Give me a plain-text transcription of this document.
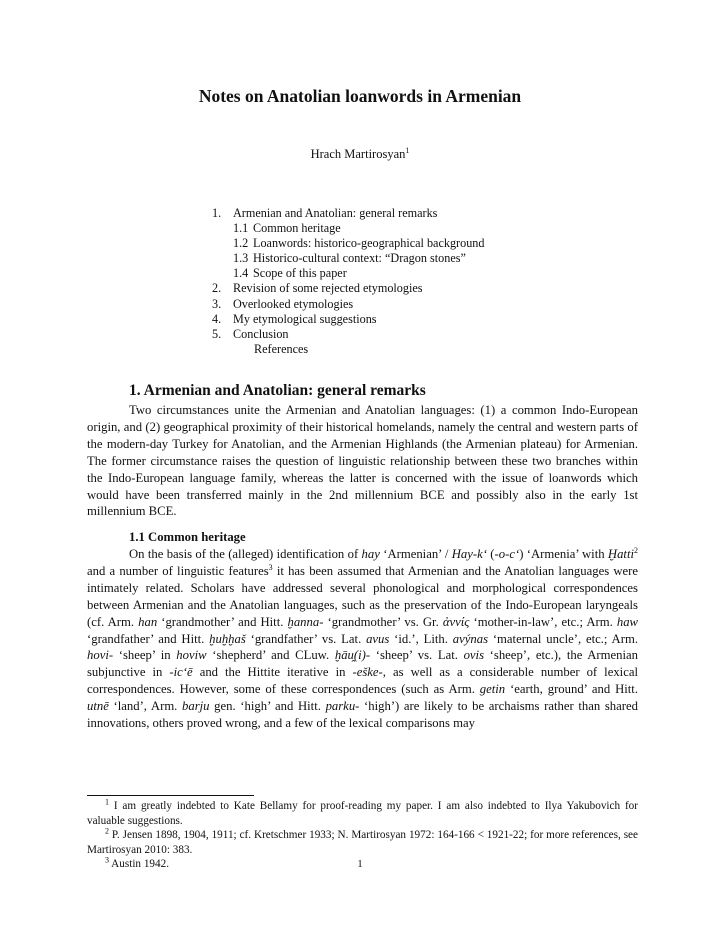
Notes on Anatolian loanwords in Armenian
Hrach Martirosyan$^1$
1. Armenian and Anatolian: general remarks
1.1 Common heritage
1.2 Loanwords: historico-geographical background
1.3 Historico-cultural context: “Dragon stones”
1.4 Scope of this paper
2. Revision of some rejected etymologies
3. Overlooked etymologies
4. My etymological suggestions
5. Conclusion
References
1. Armenian and Anatolian: general remarks
Two circumstances unite the Armenian and Anatolian languages: (1) a common Indo-European origin, and (2) geographical proximity of their historical homelands, namely the central and western parts of the modern-day Turkey for Anatolian, and the Armenian Highlands (the Armenian plateau) for Armenian. The former circumstance raises the question of linguistic relationship between these two branches within the Indo-European language family, whereas the latter is concerned with the issue of loanwords which would have been transferred mainly in the 2nd millennium BCE and possibly also in the early 1st millennium BCE.
1.1 Common heritage
On the basis of the (alleged) identification of hay ‘Armenian’ / Hay-k‘ (-o-c‘) ‘Armenia’ with Ḫatti$^2$ and a number of linguistic features$^3$ it has been assumed that Armenian and the Anatolian languages were intimately related. Scholars have addressed several phonological and morphological correspondences between Armenian and the Anatolian languages, such as the preservation of the Indo-European laryngeals (cf. Arm. han ‘grandmother’ and Hitt. ḫanna- ‘grandmother’ vs. Gr. ἀννίς ‘mother-in-law’, etc.; Arm. haw ‘grandfather’ and Hitt. ḫuḫḫaš ‘grandfather’ vs. Lat. avus ‘id.’, Lith. avýnas ‘maternal uncle’, etc.; Arm. hovi- ‘sheep’ in hoviw ‘shepherd’ and CLuw. ḫāu̯(i)- ‘sheep’ vs. Lat. ovis ‘sheep’, etc.), the Armenian subjunctive in -ic‘ē and the Hittite iterative in -eške-, as well as a considerable number of lexical correspondences. However, some of these correspondences (such as Arm. getin ‘earth, ground’ and Hitt. utnē ‘land’, Arm. barju gen. ‘high’ and Hitt. parku- ‘high’) are likely to be archaisms rather than shared innovations, others proved wrong, and a few of the lexical comparisons may
$^1$ I am greatly indebted to Kate Bellamy for proof-reading my paper. I am also indebted to Ilya Yakubovich for valuable suggestions.
$^2$ P. Jensen 1898, 1904, 1911; cf. Kretschmer 1933; N. Martirosyan 1972: 164-166 < 1921-22; for more references, see Martirosyan 2010: 383.
$^3$ Austin 1942.	1
